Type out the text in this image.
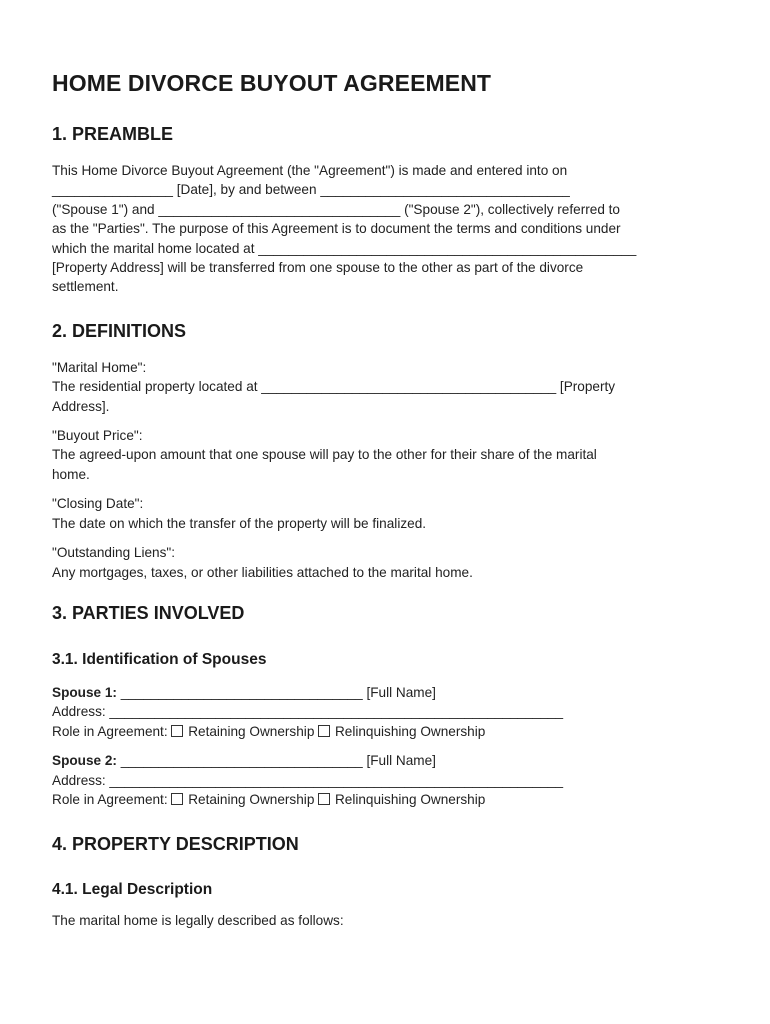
HOME DIVORCE BUYOUT AGREEMENT
1. PREAMBLE

This Home Divorce Buyout Agreement (the "Agreement") is made and entered into on

________________ [Date], by and between _________________________________

("Spouse 1") and ________________________________ ("Spouse 2"), collectively referred to

as the "Parties". The purpose of this Agreement is to document the terms and conditions under

which the marital home located at __________________________________________________

[Property Address] will be transferred from one spouse to the other as part of the divorce

settlement.

2. DEFINITIONS

"Marital Home":

The residential property located at _______________________________________ [Property

Address].

"Buyout Price":

The agreed-upon amount that one spouse will pay to the other for their share of the marital

home.

"Closing Date":

The date on which the transfer of the property will be finalized.

"Outstanding Liens":

Any mortgages, taxes, or other liabilities attached to the marital home.

3. PARTIES INVOLVED
3.1. Identification of Spouses

Spouse 1: ________________________________ [Full Name]

Address: ____________________________________________________________

Role in Agreement: Retaining Ownership Relinquishing Ownership

Spouse 2: ________________________________ [Full Name]

Address: ____________________________________________________________

Role in Agreement: Retaining Ownership Relinquishing Ownership

4. PROPERTY DESCRIPTION
4.1. Legal Description

The marital home is legally described as follows:
